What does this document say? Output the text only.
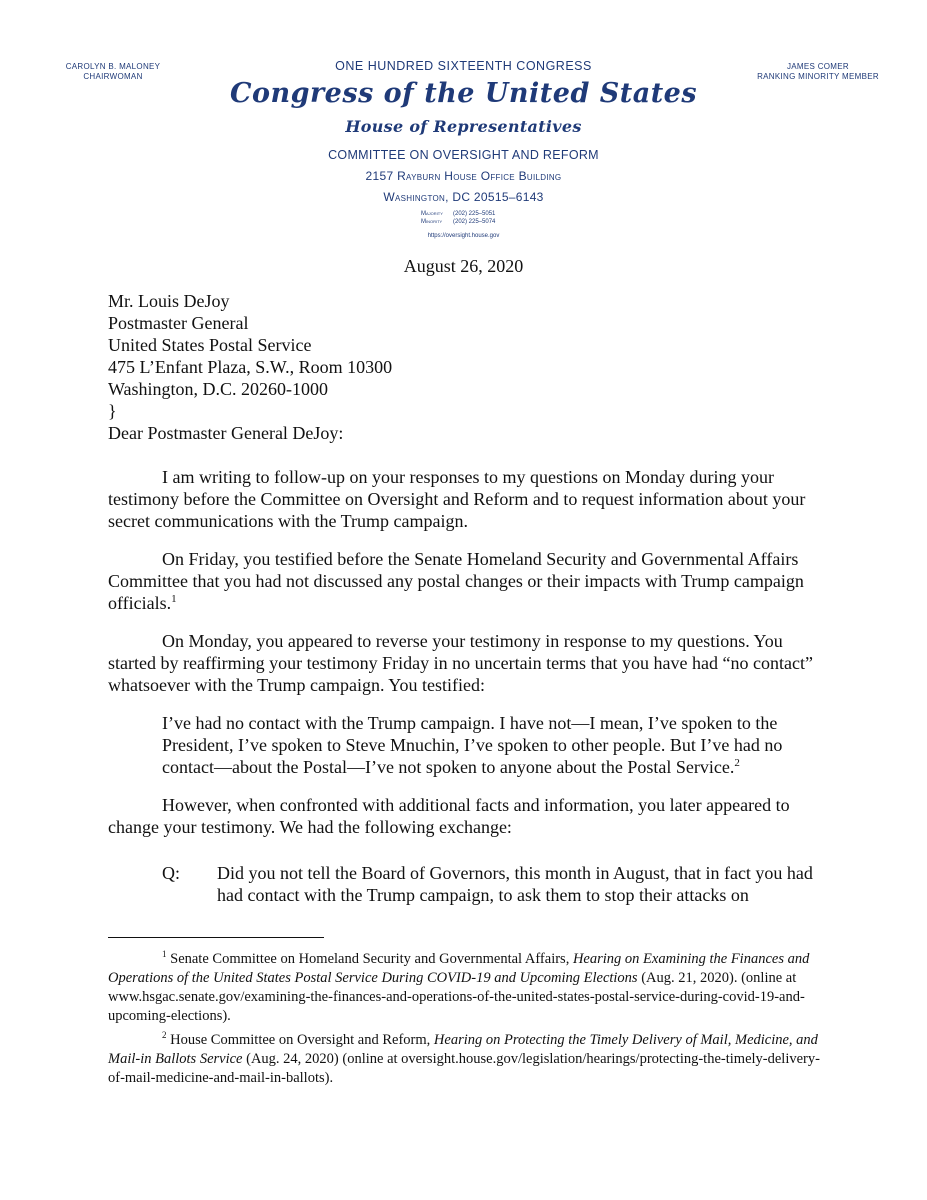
CAROLYN B. MALONEY
CHAIRWOMAN
JAMES COMER
RANKING MINORITY MEMBER
ONE HUNDRED SIXTEENTH CONGRESS
Congress of the United States
House of Representatives
COMMITTEE ON OVERSIGHT AND REFORM
2157 Rayburn House Office Building
Washington, DC 20515–6143
Majority (202) 225–5051
Minority (202) 225–5074
https://oversight.house.gov
August 26, 2020
Mr. Louis DeJoy
Postmaster General
United States Postal Service
475 L’Enfant Plaza, S.W., Room 10300
Washington, D.C. 20260-1000
}
Dear Postmaster General DeJoy:
I am writing to follow-up on your responses to my questions on Monday during your testimony before the Committee on Oversight and Reform and to request information about your secret communications with the Trump campaign.
On Friday, you testified before the Senate Homeland Security and Governmental Affairs Committee that you had not discussed any postal changes or their impacts with Trump campaign officials.$^1$
On Monday, you appeared to reverse your testimony in response to my questions. You started by reaffirming your testimony Friday in no uncertain terms that you have had “no contact” whatsoever with the Trump campaign. You testified:
I’ve had no contact with the Trump campaign. I have not—I mean, I’ve spoken to the President, I’ve spoken to Steve Mnuchin, I’ve spoken to other people. But I’ve had no contact—about the Postal—I’ve not spoken to anyone about the Postal Service.$^2$
However, when confronted with additional facts and information, you later appeared to change your testimony. We had the following exchange:
Q: Did you not tell the Board of Governors, this month in August, that in fact you had had contact with the Trump campaign, to ask them to stop their attacks on
$^1$ Senate Committee on Homeland Security and Governmental Affairs, Hearing on Examining the Finances and Operations of the United States Postal Service During COVID-19 and Upcoming Elections (Aug. 21, 2020). (online at www.hsgac.senate.gov/examining-the-finances-and-operations-of-the-united-states-postal-service-during-covid-19-and-upcoming-elections).
$^2$ House Committee on Oversight and Reform, Hearing on Protecting the Timely Delivery of Mail, Medicine, and Mail-in Ballots Service (Aug. 24, 2020) (online at oversight.house.gov/legislation/hearings/protecting-the-timely-delivery-of-mail-medicine-and-mail-in-ballots).
